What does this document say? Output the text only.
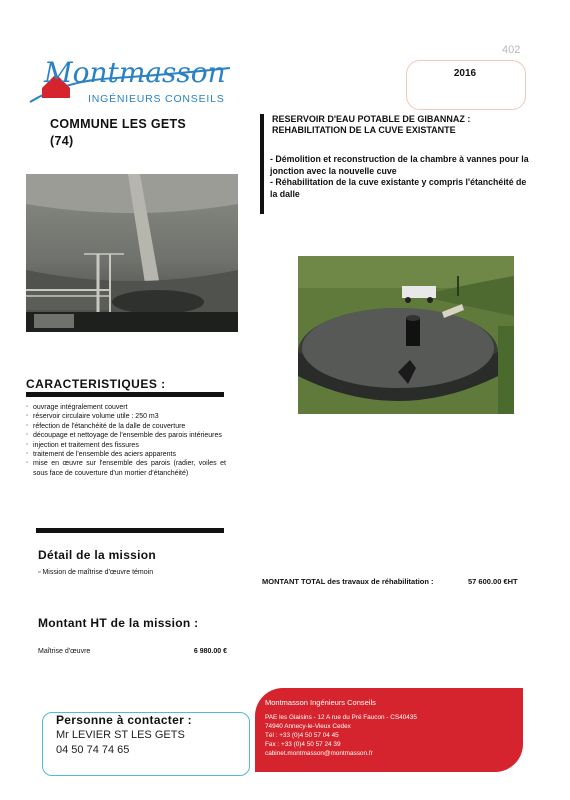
402
2016
Montmasson
INGÉNIEURS CONSEILS
COMMUNE LES GETS
(74)
RESERVOIR D'EAU POTABLE DE GIBANNAZ :
REHABILITATION DE LA CUVE EXISTANTE
- Démolition et reconstruction de la chambre à vannes pour la jonction avec la nouvelle cuve
- Réhabilitation de la cuve existante y compris l'étanchéité de la dalle
CARACTERISTIQUES :
▫ ouvrage intégralement couvert
▫ réservoir circulaire volume utile : 250 m3
▫ réfection de l'étanchéité de la dalle de couverture
▫ découpage et nettoyage de l'ensemble des parois intérieures
▫ injection et traitement des fissures
▫ traitement de l'ensemble des aciers apparents
▫ mise en œuvre sur l'ensemble des parois (radier, voiles et sous face de couverture d'un mortier d'étanchéité)
Détail de la mission
▫ Mission de maîtrise d'œuvre témoin
MONTANT TOTAL des travaux de réhabilitation :	57 600.00 €HT
Montant HT de la mission :
Maîtrise d'œuvre	6 980.00 €
Montmasson Ingénieurs Conseils
PAE les Glaisins - 12 A rue du Pré Faucon - CS40435
74940 Annecy-le-Vieux Cedex
Tél : +33 (0)4 50 57 04 45
Fax : +33 (0)4 50 57 24 39
cabinet.montmasson@montmasson.fr
Personne à contacter :
Mr LEVIER ST LES GETS
04 50 74 74 65
